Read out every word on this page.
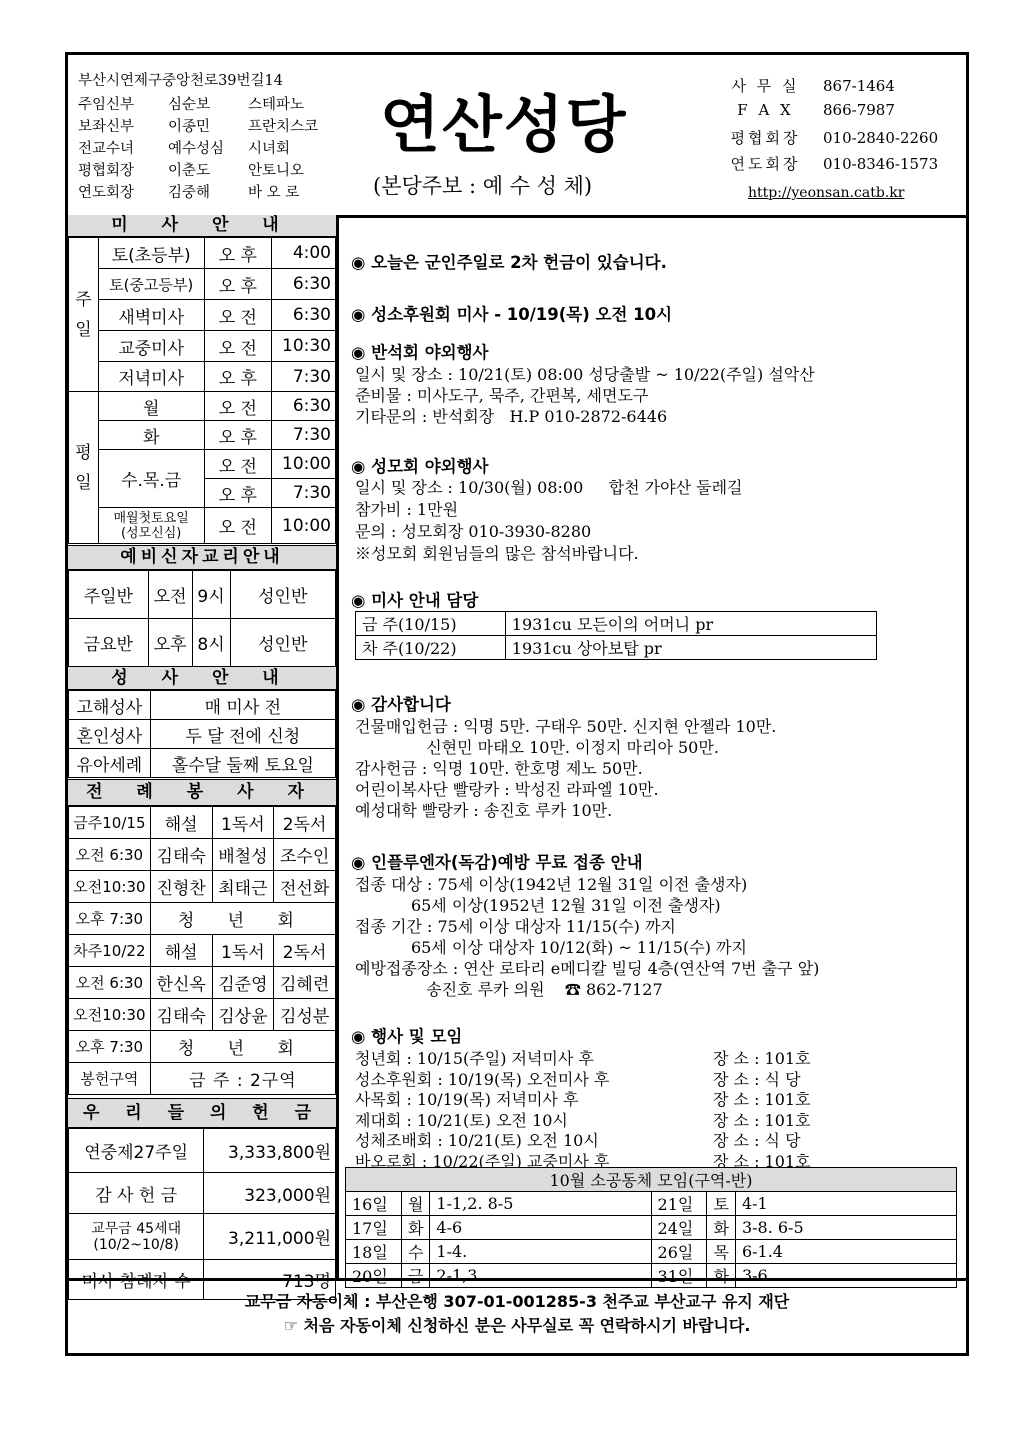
부산시연제구중앙천로39번길14
주임신부 심순보	스테파노
보좌신부 이종민	프란치스코
전교수녀 예수성심 시녀회
평협회장 이춘도	안토니오
연도회장 김중해	바 오 로
연산성당
(본당주보 : 예 수 성 체)
사 무 실 867-1464
F A X 866-7987
평협회장 010-2840-2260
연도회장 010-8346-1573
http://yeonsan.catb.kr
미 사 안 내
주
일	토(초등부)	오 후	4:00
	토(중고등부)	오 후	6:30
	새벽미사	오 전	6:30
	교중미사	오 전	10:30
	저녁미사	오 후	7:30
평
일	월	오 전	6:30
	화	오 후	7:30
	수.목.금	오 전	10:00
		오 후	7:30
	매월첫토요일
(성모신심)	오 전	10:00
예비신자교리안내
주일반	오전	9시	성인반
금요반	오후	8시	성인반
성 사 안 내
고해성사	매 미사 전
혼인성사	두 달 전에 신청
유아세례	홀수달 둘째 토요일
전 례 봉 사 자
금주10/15	해설	1독서	2독서
오전 6:30	김태숙	배철성	조수인
오전10:30	진형찬	최태근	전선화
오후 7:30	청 년 회		
차주10/22	해설	1독서	2독서
오전 6:30	한신옥	김준영	김혜련
오전10:30	김태숙	김상윤	김성분
오후 7:30	청 년 회		
봉헌구역	금 주 : 2구역		
우 리 들 의 헌 금
연중제27주일	3,333,800원
감 사 헌 금	323,000원
교무금 45세대
(10/2~10/8)	3,211,000원
미사 참례자 수	713명
◉ 오늘은 군인주일로 2차 헌금이 있습니다.
◉ 성소후원회 미사 - 10/19(목) 오전 10시
◉ 반석회 야외행사
일시 및 장소 : 10/21(토) 08:00 성당출발 ~ 10/22(주일) 설악산
준비물 : 미사도구, 묵주, 간편복, 세면도구
기타문의 : 반석회장   H.P 010-2872-6446
◉ 성모회 야외행사
일시 및 장소 : 10/30(월) 08:00     합천 가야산 둘레길
참가비 : 1만원
문의 : 성모회장 010-3930-8280
※성모회 회원님들의 많은 참석바랍니다.
◉ 미사 안내 담당
금 주(10/15)	1931cu 모든이의 어머니 pr
차 주(10/22)	1931cu 상아보탑 pr
◉ 감사합니다
건물매입헌금 : 익명 5만. 구태우 50만. 신지현 안젤라 10만.
신현민 마태오 10만. 이정지 마리아 50만.
감사헌금 : 익명 10만. 한호명 제노 50만.
어린이복사단 빨랑카 : 박성진 라파엘 10만.
예성대학 빨랑카 : 송진호 루카 10만.
◉ 인플루엔자(독감)예방 무료 접종 안내
접종 대상 : 75세 이상(1942년 12월 31일 이전 출생자)
65세 이상(1952년 12월 31일 이전 출생자)
접종 기간 : 75세 이상 대상자 11/15(수) 까지
65세 이상 대상자 10/12(화) ~ 11/15(수) 까지
예방접종장소 : 연산 로타리 e메디칼 빌딩 4층(연산역 7번 출구 앞)
송진호 루카 의원    ☎ 862-7127
◉ 행사 및 모임
청년회 : 10/15(주일) 저녁미사 후	장 소 : 101호
성소후원회 : 10/19(목) 오전미사 후	장 소 : 식 당
사목회 : 10/19(목) 저녁미사 후	장 소 : 101호
제대회 : 10/21(토) 오전 10시	장 소 : 101호
성체조배회 : 10/21(토) 오전 10시	장 소 : 식 당
바오로회 : 10/22(주일) 교중미사 후	장 소 : 101호
10월 소공동체 모임(구역-반)					
16일	월	1-1,2. 8-5	21일	토	4-1
17일	화	4-6	24일	화	3-8. 6-5
18일	수	1-4.	26일	목	6-1.4
20일	금	2-1,3	31일	화	3-6
교무금 자동이체 : 부산은행 307-01-001285-3 천주교 부산교구 유지 재단
☞ 처음 자동이체 신청하신 분은 사무실로 꼭 연락하시기 바랍니다.
